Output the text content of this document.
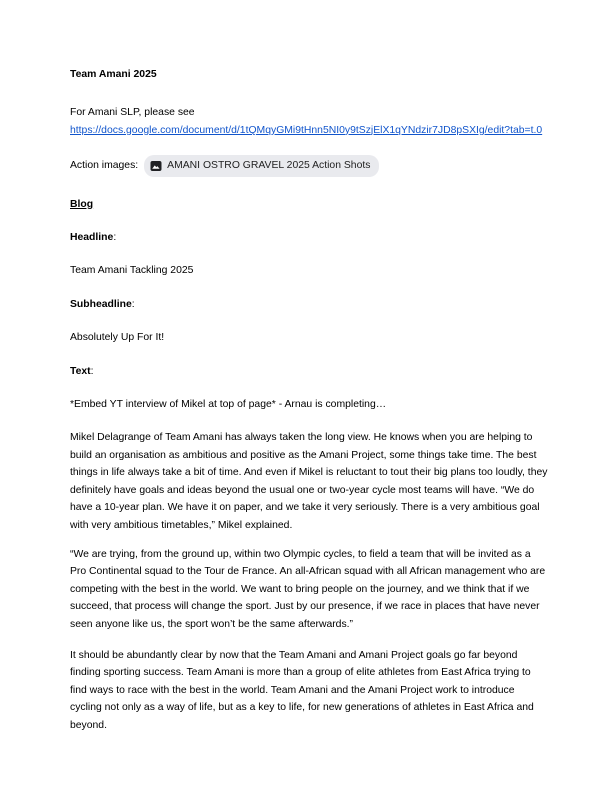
Team Amani 2025

For Amani SLP, please see

https://docs.google.com/document/d/1tQMqyGMi9tHnn5NI0y9tSzjElX1qYNdzir7JD8pSXIg/edit?tab=t.0

Action images:	AMANI OSTRO GRAVEL 2025 Action Shots

Blog

Headline:

Team Amani Tackling 2025

Subheadline:

Absolutely Up For It!

Text:

*Embed YT interview of Mikel at top of page* - Arnau is completing…

Mikel Delagrange of Team Amani has always taken the long view. He knows when you are helping to build an organisation as ambitious and positive as the Amani Project, some things take time. The best things in life always take a bit of time. And even if Mikel is reluctant to tout their big plans too loudly, they definitely have goals and ideas beyond the usual one or two-year cycle most teams will have. “We do have a 10-year plan. We have it on paper, and we take it very seriously. There is a very ambitious goal with very ambitious timetables,” Mikel explained.

“We are trying, from the ground up, within two Olympic cycles, to field a team that will be invited as a Pro Continental squad to the Tour de France. An all-African squad with all African management who are competing with the best in the world. We want to bring people on the journey, and we think that if we succeed, that process will change the sport. Just by our presence, if we race in places that have never seen anyone like us, the sport won’t be the same afterwards.”

It should be abundantly clear by now that the Team Amani and Amani Project goals go far beyond finding sporting success. Team Amani is more than a group of elite athletes from East Africa trying to find ways to race with the best in the world. Team Amani and the Amani Project work to introduce cycling not only as a way of life, but as a key to life, for new generations of athletes in East Africa and beyond.
